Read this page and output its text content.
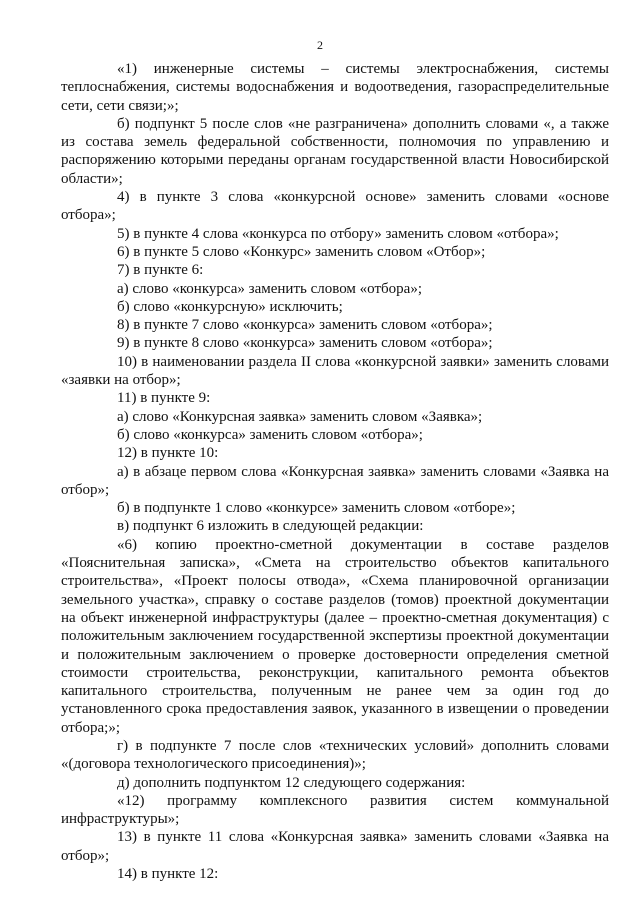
2

«1) инженерные системы – системы электроснабжения, системы теплоснабжения, системы водоснабжения и водоотведения, газораспределительные сети, сети связи;»;

б) подпункт 5 после слов «не разграничена» дополнить словами «, а также из состава земель федеральной собственности, полномочия по управлению и распоряжению которыми переданы органам государственной власти Новосибирской области»;

4) в пункте 3 слова «конкурсной основе» заменить словами «основе отбора»;

5) в пункте 4 слова «конкурса по отбору» заменить словом «отбора»;

6) в пункте 5 слово «Конкурс» заменить словом «Отбор»;

7) в пункте 6:

а) слово «конкурса» заменить словом «отбора»;

б) слово «конкурсную» исключить;

8) в пункте 7 слово «конкурса» заменить словом «отбора»;

9) в пункте 8 слово «конкурса» заменить словом «отбора»;

10) в наименовании раздела II слова «конкурсной заявки» заменить словами «заявки на отбор»;

11) в пункте 9:

а) слово «Конкурсная заявка» заменить словом «Заявка»;

б) слово «конкурса» заменить словом «отбора»;

12) в пункте 10:

а) в абзаце первом слова «Конкурсная заявка» заменить словами «Заявка на отбор»;

б) в подпункте 1 слово «конкурсе» заменить словом «отборе»;

в) подпункт 6 изложить в следующей редакции:

«6) копию проектно-сметной документации в составе разделов «Пояснительная записка», «Смета на строительство объектов капитального строительства», «Проект полосы отвода», «Схема планировочной организации земельного участка», справку о составе разделов (томов) проектной документации на объект инженерной инфраструктуры (далее – проектно-сметная документация) с положительным заключением государственной экспертизы проектной документации и положительным заключением о проверке достоверности определения сметной стоимости строительства, реконструкции, капитального ремонта объектов капитального строительства, полученным не ранее чем за один год до установленного срока предоставления заявок, указанного в извещении о проведении отбора;»;

г) в подпункте 7 после слов «технических условий» дополнить словами «(договора технологического присоединения)»;

д) дополнить подпунктом 12 следующего содержания:

«12) программу комплексного развития систем коммунальной инфраструктуры»;

13) в пункте 11 слова «Конкурсная заявка» заменить словами «Заявка на отбор»;

14) в пункте 12:
